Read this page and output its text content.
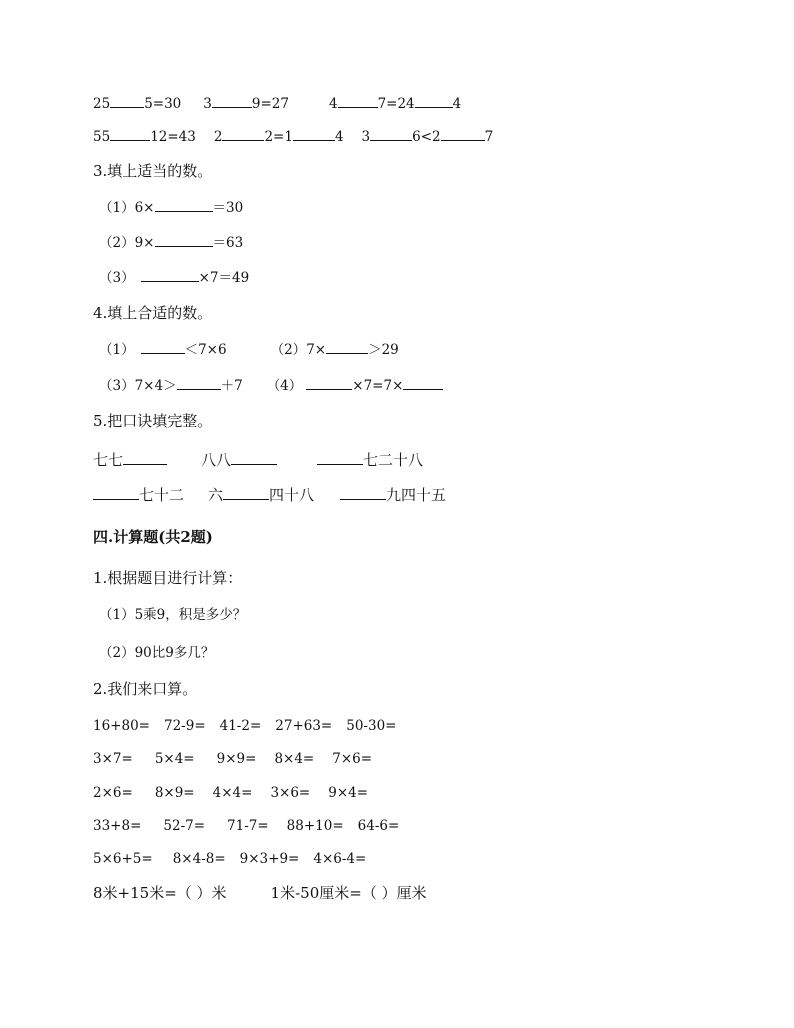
25	5=30 3	9=27	4	7=24	4
55	12=43 2	2=1	4 3	6<2	7
3.填上适当的数。
（1）6×	＝30
（2）9×	＝63
（3）	×7＝49
4.填上合适的数。
（1）	＜7×6	（2）7×	＞29
（3）7×4＞	＋7 （4）	×7=7×
5.把口诀填完整。
七七	八八	七二十八
七十二 六	四十八	九四十五
四.计算题(共2题)
1.根据题目进行计算：
（1）5乘9，积是多少？
（2）90比9多几？
2.我们来口算。
16+80= 72-9= 41-2= 27+63= 50-30=
3×7= 5×4= 9×9= 8×4= 7×6=
2×6= 8×9= 4×4= 3×6= 9×4=
33+8= 52-7= 71-7= 88+10= 64-6=
5×6+5= 8×4-8= 9×3+9= 4×6-4=
8米+15米=（ ）米	1米-50厘米=（ ）厘米
